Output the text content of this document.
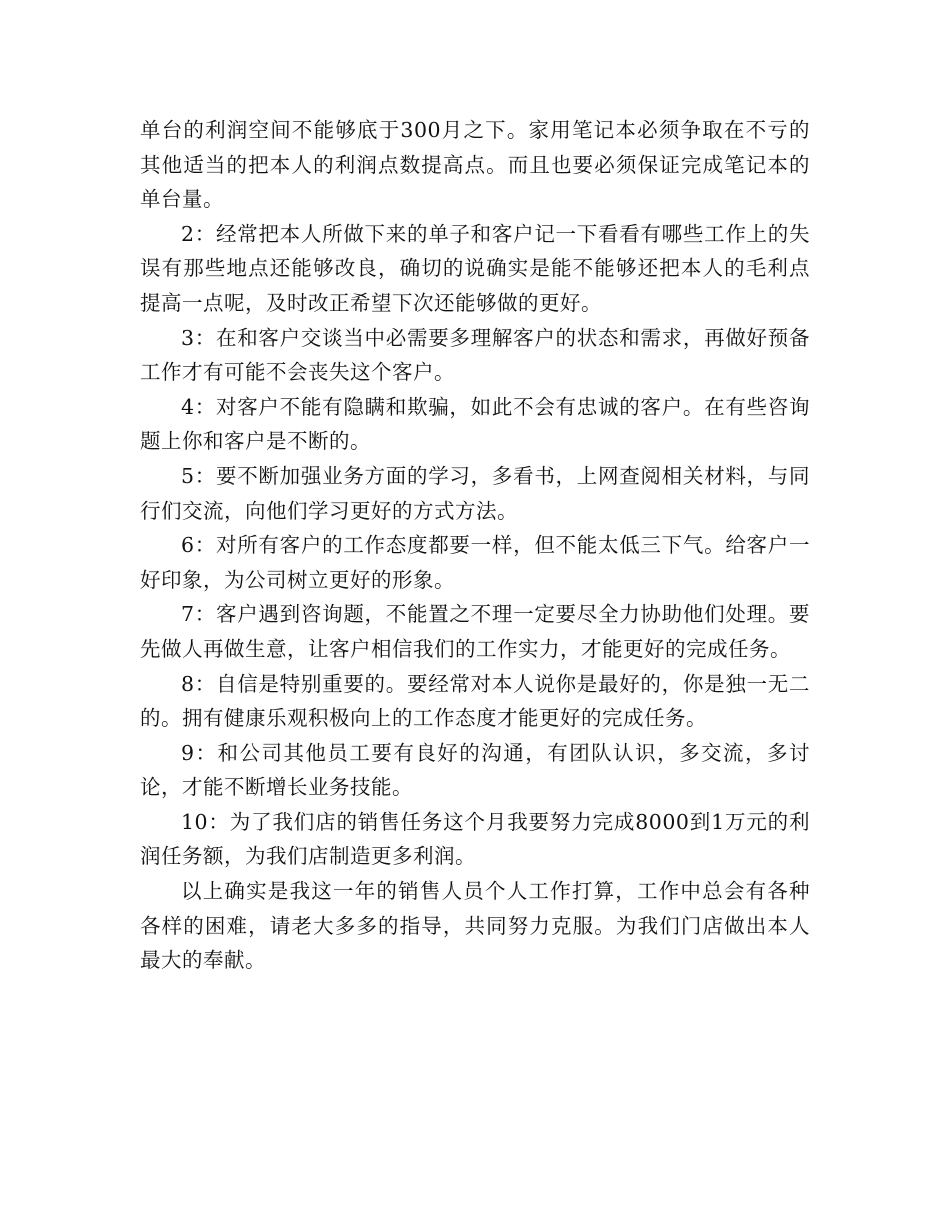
单台的利润空间不能够底于300月之下。家用笔记本必须争取在不亏的其他适当的把本人的利润点数提高点。而且也要必须保证完成笔记本的单台量。

2：经常把本人所做下来的单子和客户记一下看看有哪些工作上的失误有那些地点还能够改良，确切的说确实是能不能够还把本人的毛利点提高一点呢，及时改正希望下次还能够做的更好。

3：在和客户交谈当中必需要多理解客户的状态和需求，再做好预备工作才有可能不会丧失这个客户。

4：对客户不能有隐瞒和欺骗，如此不会有忠诚的客户。在有些咨询题上你和客户是不断的。

5：要不断加强业务方面的学习，多看书，上网查阅相关材料，与同行们交流，向他们学习更好的方式方法。

6：对所有客户的工作态度都要一样，但不能太低三下气。给客户一好印象，为公司树立更好的形象。

7：客户遇到咨询题，不能置之不理一定要尽全力协助他们处理。要先做人再做生意，让客户相信我们的工作实力，才能更好的完成任务。

8：自信是特别重要的。要经常对本人说你是最好的，你是独一无二的。拥有健康乐观积极向上的工作态度才能更好的完成任务。

9：和公司其他员工要有良好的沟通，有团队认识，多交流，多讨论，才能不断增长业务技能。

10：为了我们店的销售任务这个月我要努力完成8000到1万元的利润任务额，为我们店制造更多利润。

以上确实是我这一年的销售人员个人工作打算，工作中总会有各种各样的困难，请老大多多的指导，共同努力克服。为我们门店做出本人最大的奉献。
